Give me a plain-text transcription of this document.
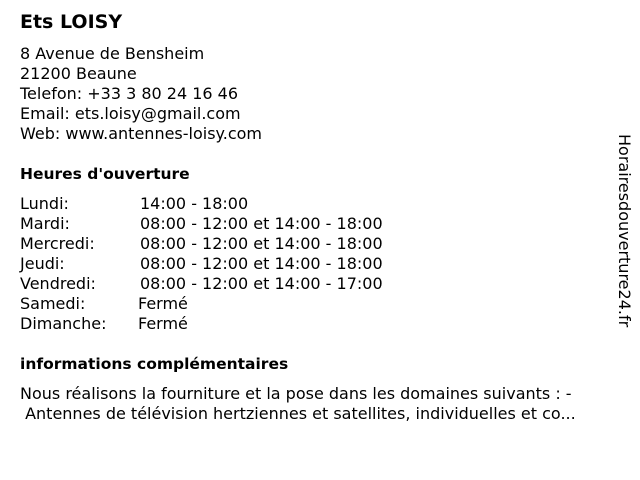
Ets LOISY
8 Avenue de Bensheim
21200 Beaune
Telefon: +33 3 80 24 16 46
Email: ets.loisy@gmail.com
Web: www.antennes-loisy.com
Heures d'ouverture
Lundi:	14:00 - 18:00
Mardi:	08:00 - 12:00 et 14:00 - 18:00
Mercredi:	08:00 - 12:00 et 14:00 - 18:00
Jeudi:	08:00 - 12:00 et 14:00 - 18:00
Vendredi:	08:00 - 12:00 et 14:00 - 17:00
Samedi:	Fermé
Dimanche: Fermé
informations complémentaires
Nous réalisons la fourniture et la pose dans les domaines suivants : -
Antennes de télévision hertziennes et satellites, individuelles et co...
Horairesdouverture24.fr
